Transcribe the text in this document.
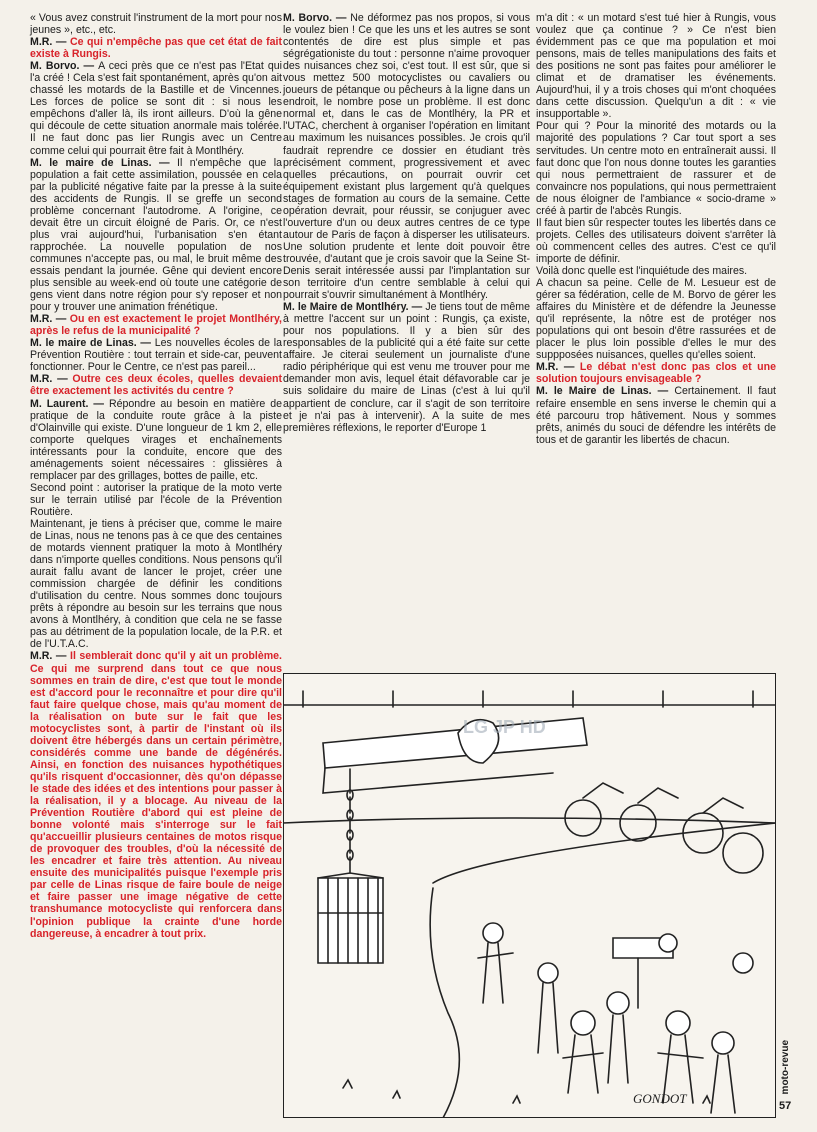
« Vous avez construit l'instrument de la mort pour nos jeunes », etc., etc.

M.R. — Ce qui n'empêche pas que cet état de fait existe à Rungis.

M. Borvo. — A ceci près que ce n'est pas l'Etat qui l'a créé ! Cela s'est fait spontanément, après qu'on ait chassé les motards de la Bastille et de Vincennes. Les forces de police se sont dit : si nous les empêchons d'aller là, ils iront ailleurs. D'où la gêne qui découle de cette situation anormale mais tolérée. Il ne faut donc pas lier Rungis avec un Centre comme celui qui pourrait être fait à Montlhéry.

M. le maire de Linas. — Il n'empêche que la population a fait cette assimilation, poussée en cela par la publicité négative faite par la presse à la suite des accidents de Rungis. Il se greffe un second problème concernant l'autodrome. A l'origine, ce devait être un circuit éloigné de Paris. Or, ce n'est plus vrai aujourd'hui, l'urbanisation s'en étant rapprochée. La nouvelle population de nos communes n'accepte pas, ou mal, le bruit même des essais pendant la journée. Gêne qui devient encore plus sensible au week-end où toute une catégorie de gens vient dans notre région pour s'y reposer et non pour y trouver une animation frénétique.

M.R. — Ou en est exactement le projet Montlhéry, après le refus de la municipalité ?

M. le maire de Linas. — Les nouvelles écoles de la Prévention Routière : tout terrain et side-car, peuvent fonctionner. Pour le Centre, ce n'est pas pareil...

M.R. — Outre ces deux écoles, quelles devaient être exactement les activités du centre ?

M. Laurent. — Répondre au besoin en matière de pratique de la conduite route grâce à la piste d'Olainville qui existe. D'une longueur de 1 km 2, elle comporte quelques virages et enchaînements intéressants pour la conduite, encore que des aménagements soient nécessaires : glissières à remplacer par des grillages, bottes de paille, etc.

Second point : autoriser la pratique de la moto verte sur le terrain utilisé par l'école de la Prévention Routière.

Maintenant, je tiens à préciser que, comme le maire de Linas, nous ne tenons pas à ce que des centaines de motards viennent pratiquer la moto à Montlhéry dans n'importe quelles conditions. Nous pensons qu'il aurait fallu avant de lancer le projet, créer une commission chargée de définir les conditions d'utilisation du centre. Nous sommes donc toujours prêts à répondre au besoin sur les terrains que nous avons à Montlhéry, à condition que cela ne se fasse pas au détriment de la population locale, de la P.R. et de l'U.T.A.C.

M.R. — Il semblerait donc qu'il y ait un problème. Ce qui me surprend dans tout ce que nous sommes en train de dire, c'est que tout le monde est d'accord pour le reconnaître et pour dire qu'il faut faire quelque chose, mais qu'au moment de la réalisation on bute sur le fait que les motocyclistes sont, à partir de l'instant où ils doivent être hébergés dans un certain périmètre, considérés comme une bande de dégénérés. Ainsi, en fonction des nuisances hypothétiques qu'ils risquent d'occasionner, dès qu'on dépasse le stade des idées et des intentions pour passer à la réalisation, il y a blocage. Au niveau de la Prévention Routière d'abord qui est pleine de bonne volonté mais s'interroge sur le fait qu'accueillir plusieurs centaines de motos risque de provoquer des troubles, d'où la nécessité de les encadrer et faire très attention. Au niveau ensuite des municipalités puisque l'exemple pris par celle de Linas risque de faire boule de neige et faire passer une image négative de cette transhumance motocycliste qui renforcera dans l'opinion publique la crainte d'une horde dangereuse, à encadrer à tout prix.

M. Borvo. — Ne déformez pas nos propos, si vous le voulez bien ! Ce que les uns et les autres se sont contentés de dire est plus simple et pas ségrégationiste du tout : personne n'aime provoquer des nuisances chez soi, c'est tout. Il est sûr, que si vous mettez 500 motocyclistes ou cavaliers ou joueurs de pétanque ou pêcheurs à la ligne dans un endroit, le nombre pose un problème. Il est donc normal et, dans le cas de Montlhéry, la PR et l'UTAC, cherchent à organiser l'opération en limitant au maximum les nuisances possibles. Je crois qu'il faudrait reprendre ce dossier en étudiant très précisément comment, progressivement et avec quelles précautions, on pourrait ouvrir cet équipement existant plus largement qu'à quelques stages de formation au cours de la semaine. Cette opération devrait, pour réussir, se conjuguer avec l'ouverture d'un ou deux autres centres de ce type autour de Paris de façon à disperser les utilisateurs. Une solution prudente et lente doit pouvoir être trouvée, d'autant que je crois savoir que la Seine St-Denis serait intéressée aussi par l'implantation sur son territoire d'un centre semblable à celui qui pourrait s'ouvrir simultanément à Montlhéry.

M. le Maire de Montlhéry. — Je tiens tout de même à mettre l'accent sur un point : Rungis, ça existe, pour nos populations. Il y a bien sûr des responsables de la publicité qui a été faite sur cette affaire. Je citerai seulement un journaliste d'une radio périphérique qui est venu me trouver pour me demander mon avis, lequel était défavorable car je suis solidaire du maire de Linas (c'est à lui qu'il appartient de conclure, car il s'agit de son territoire et je n'ai pas à intervenir). A la suite de mes premières réflexions, le reporter d'Europe 1

m'a dit : « un motard s'est tué hier à Rungis, vous voulez que ça continue ? » Ce n'est bien évidemment pas ce que ma population et moi pensons, mais de telles manipulations des faits et des positions ne sont pas faites pour améliorer le climat et de dramatiser les événements. Aujourd'hui, il y a trois choses qui m'ont choquées dans cette discussion. Quelqu'un a dit : « vie insupportable ».

Pour qui ? Pour la minorité des motards ou la majorité des populations ? Car tout sport a ses servitudes. Un centre moto en entraînerait aussi. Il faut donc que l'on nous donne toutes les garanties qui nous permettraient de rassurer et de convaincre nos populations, qui nous permettraient de nous éloigner de l'ambiance « socio-drame » créé à partir de l'abcès Rungis.

Il faut bien sûr respecter toutes les libertés dans ce projets. Celles des utilisateurs doivent s'arrêter là où commencent celles des autres. C'est ce qu'il importe de définir.

Voilà donc quelle est l'inquiétude des maires.

A chacun sa peine. Celle de M. Lesueur est de gérer sa fédération, celle de M. Borvo de gérer les affaires du Ministère et de défendre la Jeunesse qu'il représente, la nôtre est de protéger nos populations qui ont besoin d'être rassurées et de placer le plus loin possible d'elles le mur des suppposées nuisances, quelles qu'elles soient.

M.R. — Le débat n'est donc pas clos et une solution toujours envisageable ?

M. le Maire de Linas. — Certainement. Il faut refaire ensemble en sens inverse le chemin qui a été parcouru trop hâtivement. Nous y sommes prêts, animés du souci de défendre les intérêts de tous et de garantir les libertés de chacun.

GONDOT
LG JP HD
moto-revue
57
